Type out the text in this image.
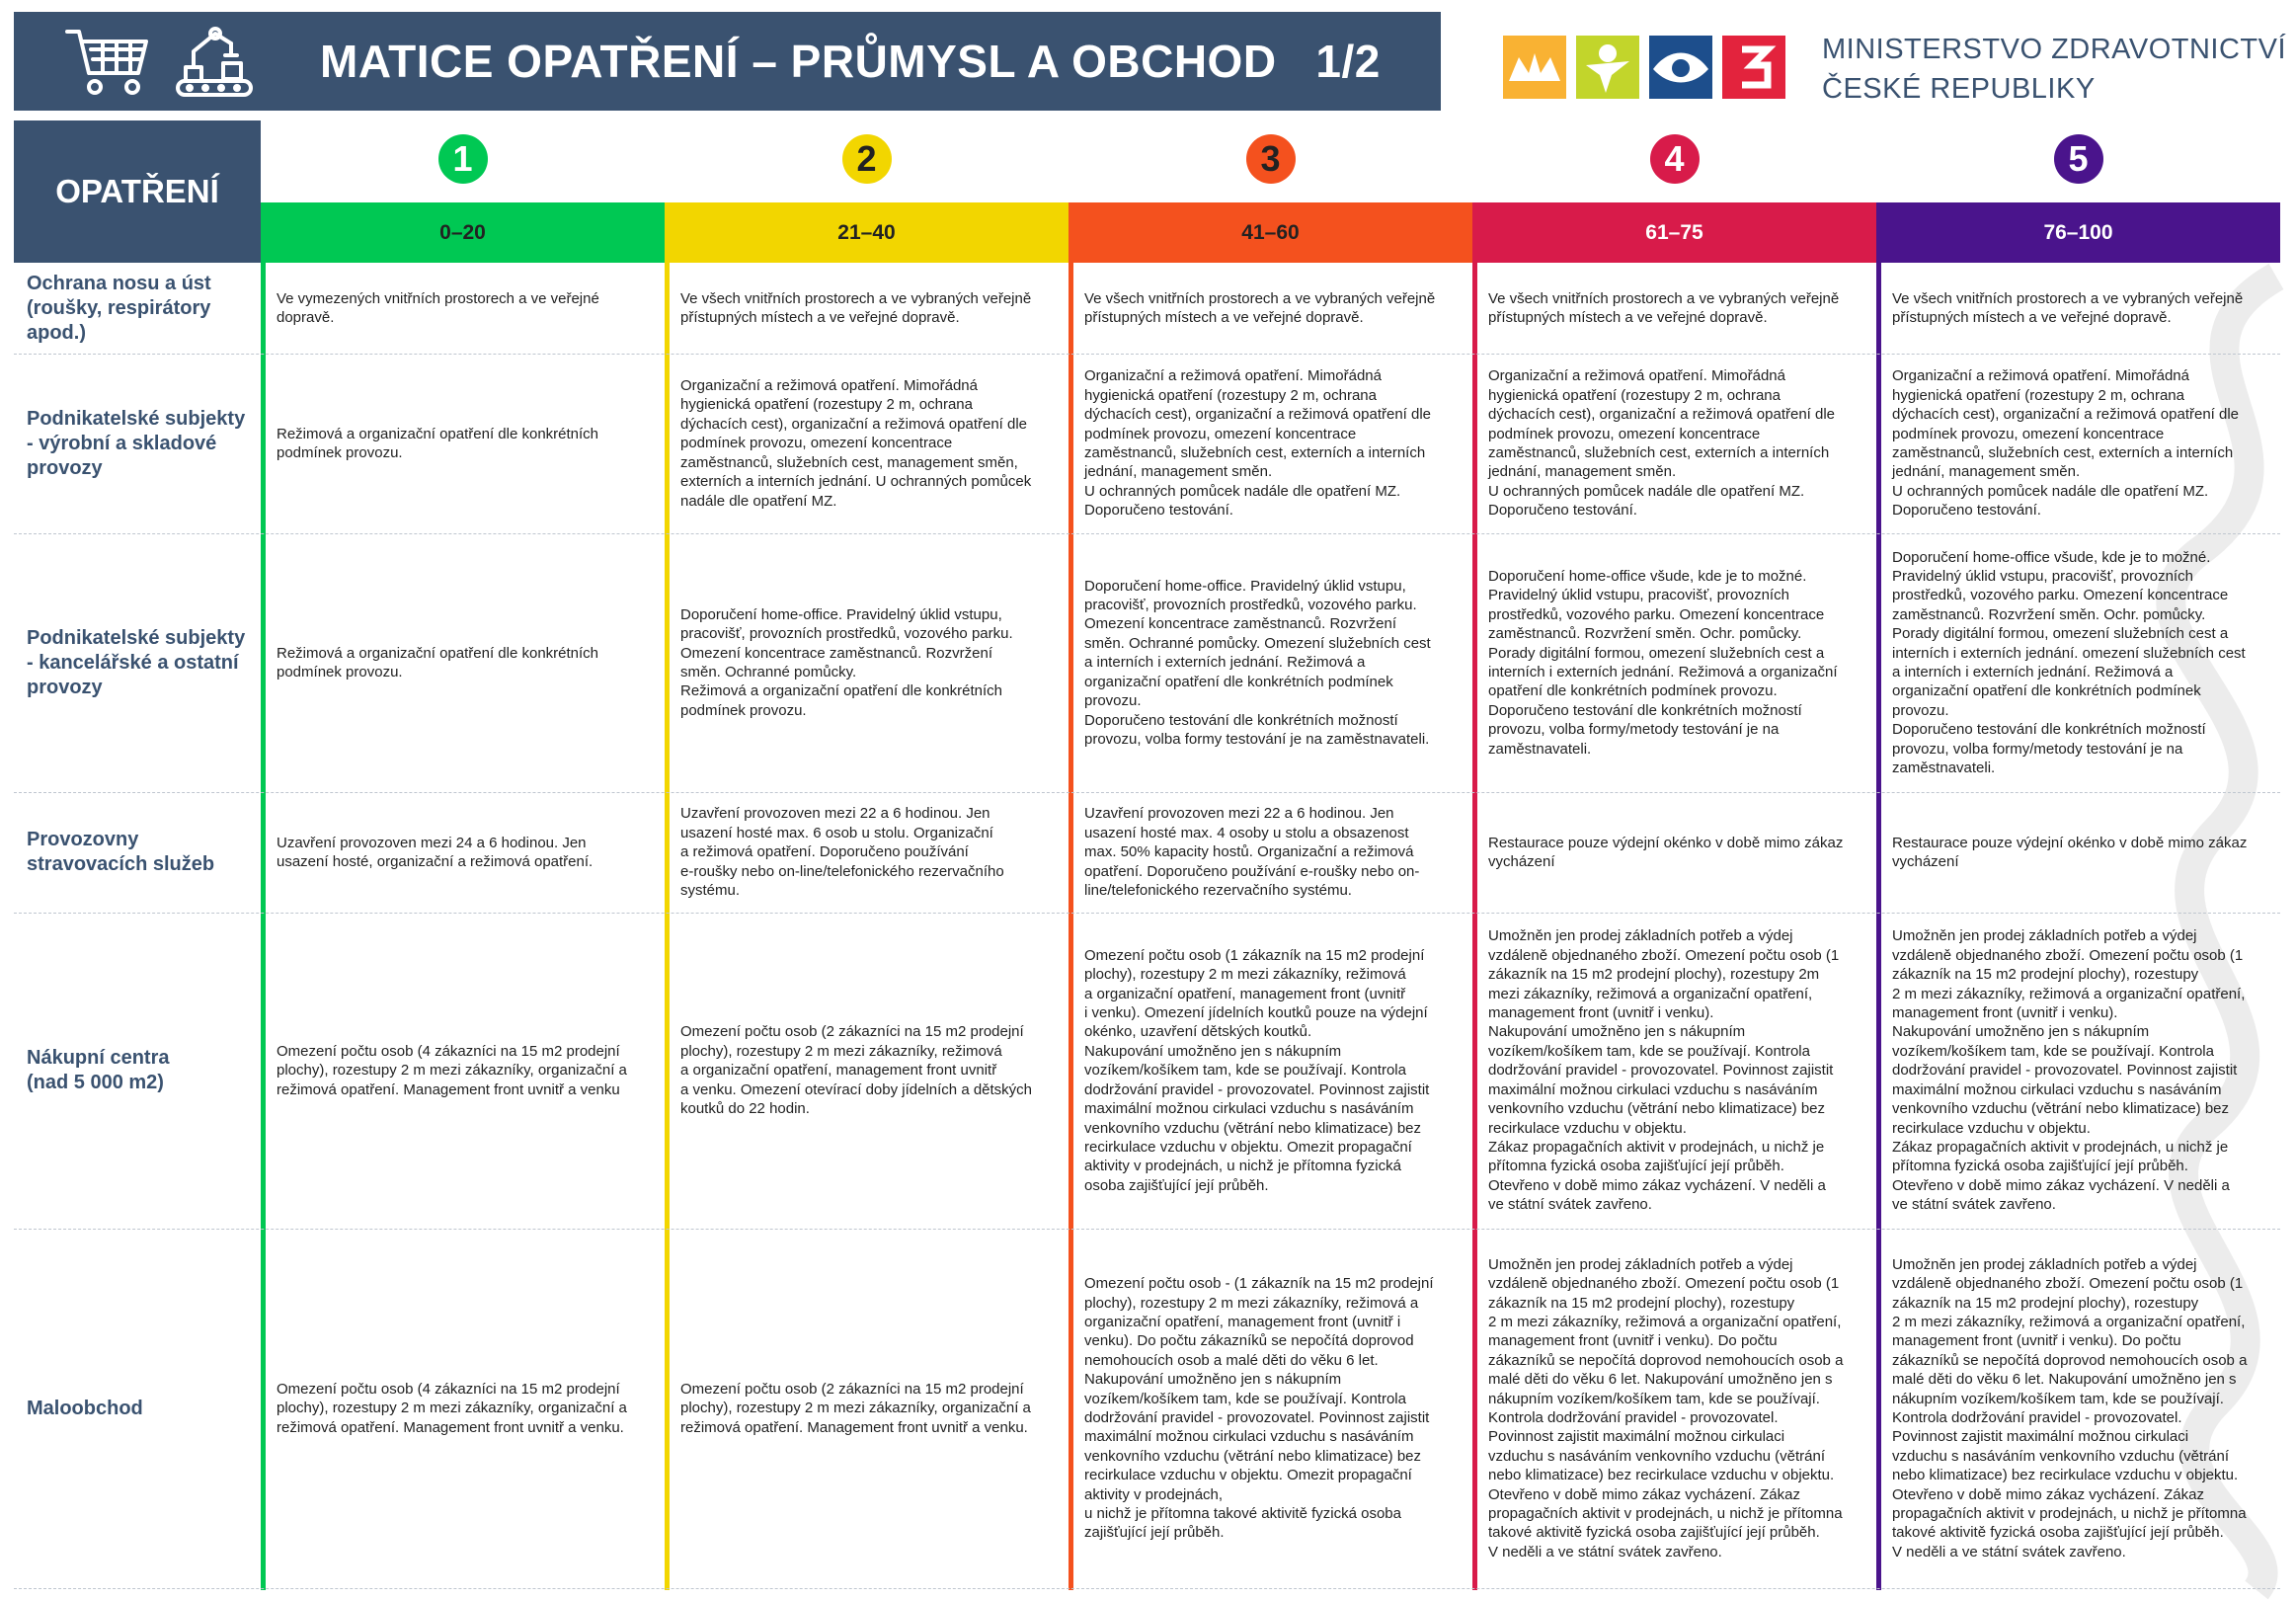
MATICE OPATŘENÍ – PRŮMYSL A OBCHOD   1/2	MINISTERSTVO ZDRAVOTNICTVÍ
ČESKÉ REPUBLIKY
OPATŘENÍ
1
0–20
2
21–40
3
41–60
4
61–75
5
76–100
Ochrana nosu a úst
(roušky, respirátory
apod.)
Ve vymezených vnitřních prostorech a ve veřejné
dopravě.
Ve všech vnitřních prostorech a ve vybraných veřejně
přístupných místech a ve veřejné dopravě.
Ve všech vnitřních prostorech a ve vybraných veřejně
přístupných místech a ve veřejné dopravě.
Ve všech vnitřních prostorech a ve vybraných veřejně
přístupných místech a ve veřejné dopravě.
Ve všech vnitřních prostorech a ve vybraných veřejně
přístupných místech a ve veřejné dopravě.
Podnikatelské subjekty
- výrobní a skladové
provozy
Režimová a organizační opatření dle konkrétních
podmínek provozu.
Organizační a režimová opatření. Mimořádná
hygienická opatření (rozestupy 2 m, ochrana
dýchacích cest), organizační a režimová opatření dle
podmínek provozu, omezení koncentrace
zaměstnanců, služebních cest, management směn,
externích a interních jednání. U ochranných pomůcek
nadále dle opatření MZ.
Organizační a režimová opatření. Mimořádná
hygienická opatření (rozestupy 2 m, ochrana
dýchacích cest), organizační a režimová opatření dle
podmínek provozu, omezení koncentrace
zaměstnanců, služebních cest, externích a interních
jednání, management směn.
U ochranných pomůcek nadále dle opatření MZ.
Doporučeno testování.
Organizační a režimová opatření. Mimořádná
hygienická opatření (rozestupy 2 m, ochrana
dýchacích cest), organizační a režimová opatření dle
podmínek provozu, omezení koncentrace
zaměstnanců, služebních cest, externích a interních
jednání, management směn.
U ochranných pomůcek nadále dle opatření MZ.
Doporučeno testování.
Organizační a režimová opatření. Mimořádná
hygienická opatření (rozestupy 2 m, ochrana
dýchacích cest), organizační a režimová opatření dle
podmínek provozu, omezení koncentrace
zaměstnanců, služebních cest, externích a interních
jednání, management směn.
U ochranných pomůcek nadále dle opatření MZ.
Doporučeno testování.
Podnikatelské subjekty
- kancelářské a ostatní
provozy
Režimová a organizační opatření dle konkrétních
podmínek provozu.
Doporučení home-office. Pravidelný úklid vstupu,
pracovišť, provozních prostředků, vozového parku.
Omezení koncentrace zaměstnanců. Rozvržení
směn. Ochranné pomůcky.
Režimová a organizační opatření dle konkrétních
podmínek provozu.
Doporučení home-office. Pravidelný úklid vstupu,
pracovišť, provozních prostředků, vozového parku.
Omezení koncentrace zaměstnanců. Rozvržení
směn. Ochranné pomůcky. Omezení služebních cest
a interních i externích jednání. Režimová a
organizační opatření dle konkrétních podmínek
provozu.
Doporučeno testování dle konkrétních možností
provozu, volba formy testování je na zaměstnavateli.
Doporučení home-office všude, kde je to možné.
Pravidelný úklid vstupu, pracovišť, provozních
prostředků, vozového parku. Omezení koncentrace
zaměstnanců. Rozvržení směn. Ochr. pomůcky.
Porady digitální formou, omezení služebních cest a
interních i externích jednání. Režimová a organizační
opatření dle konkrétních podmínek provozu.
Doporučeno testování dle konkrétních možností
provozu, volba formy/metody testování je na
zaměstnavateli.
Doporučení home-office všude, kde je to možné.
Pravidelný úklid vstupu, pracovišť, provozních
prostředků, vozového parku. Omezení koncentrace
zaměstnanců. Rozvržení směn. Ochr. pomůcky.
Porady digitální formou, omezení služebních cest a
interních i externích jednání. omezení služebních cest
a interních i externích jednání. Režimová a
organizační opatření dle konkrétních podmínek
provozu.
Doporučeno testování dle konkrétních možností
provozu, volba formy/metody testování je na
zaměstnavateli.
Provozovny
stravovacích služeb
Uzavření provozoven mezi 24 a 6 hodinou. Jen
usazení hosté, organizační a režimová opatření.
Uzavření provozoven mezi 22 a 6 hodinou. Jen
usazení hosté max. 6 osob u stolu. Organizační
a režimová opatření. Doporučeno používání
e-roušky nebo on-line/telefonického rezervačního
systému.
Uzavření provozoven mezi 22 a 6 hodinou. Jen
usazení hosté max. 4 osoby u stolu a obsazenost
max. 50% kapacity hostů. Organizační a režimová
opatření. Doporučeno používání e-roušky nebo on-
line/telefonického rezervačního systému.
Restaurace pouze výdejní okénko v době mimo zákaz
vycházení
Restaurace pouze výdejní okénko v době mimo zákaz
vycházení
Nákupní centra
(nad 5 000 m2)
Omezení počtu osob (4 zákazníci na 15 m2 prodejní
plochy), rozestupy 2 m mezi zákazníky, organizační a
režimová opatření. Management front uvnitř a venku
Omezení počtu osob (2 zákazníci na 15 m2 prodejní
plochy), rozestupy 2 m mezi zákazníky, režimová
a organizační opatření, management front uvnitř
a venku. Omezení otevírací doby jídelních a dětských
koutků do 22 hodin.
Omezení počtu osob (1 zákazník na 15 m2 prodejní
plochy), rozestupy 2 m mezi zákazníky, režimová
a organizační opatření, management front (uvnitř
i venku). Omezení jídelních koutků pouze na výdejní
okénko, uzavření dětských koutků.
Nakupování umožněno jen s nákupním
vozíkem/košíkem tam, kde se používají. Kontrola
dodržování pravidel - provozovatel. Povinnost zajistit
maximální možnou cirkulaci vzduchu s nasáváním
venkovního vzduchu (větrání nebo klimatizace) bez
recirkulace vzduchu v objektu. Omezit propagační
aktivity v prodejnách, u nichž je přítomna fyzická
osoba zajišťující její průběh.
Umožněn jen prodej základních potřeb a výdej
vzdáleně objednaného zboží. Omezení počtu osob (1
zákazník na 15 m2 prodejní plochy), rozestupy 2m
mezi zákazníky, režimová a organizační opatření,
management front (uvnitř i venku).
Nakupování umožněno jen s nákupním
vozíkem/košíkem tam, kde se používají. Kontrola
dodržování pravidel - provozovatel. Povinnost zajistit
maximální možnou cirkulaci vzduchu s nasáváním
venkovního vzduchu (větrání nebo klimatizace) bez
recirkulace vzduchu v objektu.
Zákaz propagačních aktivit v prodejnách, u nichž je
přítomna fyzická osoba zajišťující její průběh.
Otevřeno v době mimo zákaz vycházení. V neděli a
ve státní svátek zavřeno.
Umožněn jen prodej základních potřeb a výdej
vzdáleně objednaného zboží. Omezení počtu osob (1
zákazník na 15 m2 prodejní plochy), rozestupy
2 m mezi zákazníky, režimová a organizační opatření,
management front (uvnitř i venku).
Nakupování umožněno jen s nákupním
vozíkem/košíkem tam, kde se používají. Kontrola
dodržování pravidel - provozovatel. Povinnost zajistit
maximální možnou cirkulaci vzduchu s nasáváním
venkovního vzduchu (větrání nebo klimatizace) bez
recirkulace vzduchu v objektu.
Zákaz propagačních aktivit v prodejnách, u nichž je
přítomna fyzická osoba zajišťující její průběh.
Otevřeno v době mimo zákaz vycházení. V neděli a
ve státní svátek zavřeno.
Maloobchod
Omezení počtu osob (4 zákazníci na 15 m2 prodejní
plochy), rozestupy 2 m mezi zákazníky, organizační a
režimová opatření. Management front uvnitř a venku.
Omezení počtu osob (2 zákazníci na 15 m2 prodejní
plochy), rozestupy 2 m mezi zákazníky, organizační a
režimová opatření. Management front uvnitř a venku.
Omezení počtu osob - (1 zákazník na 15 m2 prodejní
plochy), rozestupy 2 m mezi zákazníky, režimová a
organizační opatření, management front (uvnitř i
venku). Do počtu zákazníků se nepočítá doprovod
nemohoucích osob a malé děti do věku 6 let.
Nakupování umožněno jen s nákupním
vozíkem/košíkem tam, kde se používají. Kontrola
dodržování pravidel - provozovatel. Povinnost zajistit
maximální možnou cirkulaci vzduchu s nasáváním
venkovního vzduchu (větrání nebo klimatizace) bez
recirkulace vzduchu v objektu. Omezit propagační
aktivity v prodejnách,
u nichž je přítomna takové aktivitě fyzická osoba
zajišťující její průběh.
Umožněn jen prodej základních potřeb a výdej
vzdáleně objednaného zboží. Omezení počtu osob (1
zákazník na 15 m2 prodejní plochy), rozestupy
2 m mezi zákazníky, režimová a organizační opatření,
management front (uvnitř i venku). Do počtu
zákazníků se nepočítá doprovod nemohoucích osob a
malé děti do věku 6 let. Nakupování umožněno jen s
nákupním vozíkem/košíkem tam, kde se používají.
Kontrola dodržování pravidel - provozovatel.
Povinnost zajistit maximální možnou cirkulaci
vzduchu s nasáváním venkovního vzduchu (větrání
nebo klimatizace) bez recirkulace vzduchu v objektu.
Otevřeno v době mimo zákaz vycházení. Zákaz
propagačních aktivit v prodejnách, u nichž je přítomna
takové aktivitě fyzická osoba zajišťující její průběh.
V neděli a ve státní svátek zavřeno.
Umožněn jen prodej základních potřeb a výdej
vzdáleně objednaného zboží. Omezení počtu osob (1
zákazník na 15 m2 prodejní plochy), rozestupy
2 m mezi zákazníky, režimová a organizační opatření,
management front (uvnitř i venku). Do počtu
zákazníků se nepočítá doprovod nemohoucích osob a
malé děti do věku 6 let. Nakupování umožněno jen s
nákupním vozíkem/košíkem tam, kde se používají.
Kontrola dodržování pravidel - provozovatel.
Povinnost zajistit maximální možnou cirkulaci
vzduchu s nasáváním venkovního vzduchu (větrání
nebo klimatizace) bez recirkulace vzduchu v objektu.
Otevřeno v době mimo zákaz vycházení. Zákaz
propagačních aktivit v prodejnách, u nichž je přítomna
takové aktivitě fyzická osoba zajišťující její průběh.
V neděli a ve státní svátek zavřeno.
